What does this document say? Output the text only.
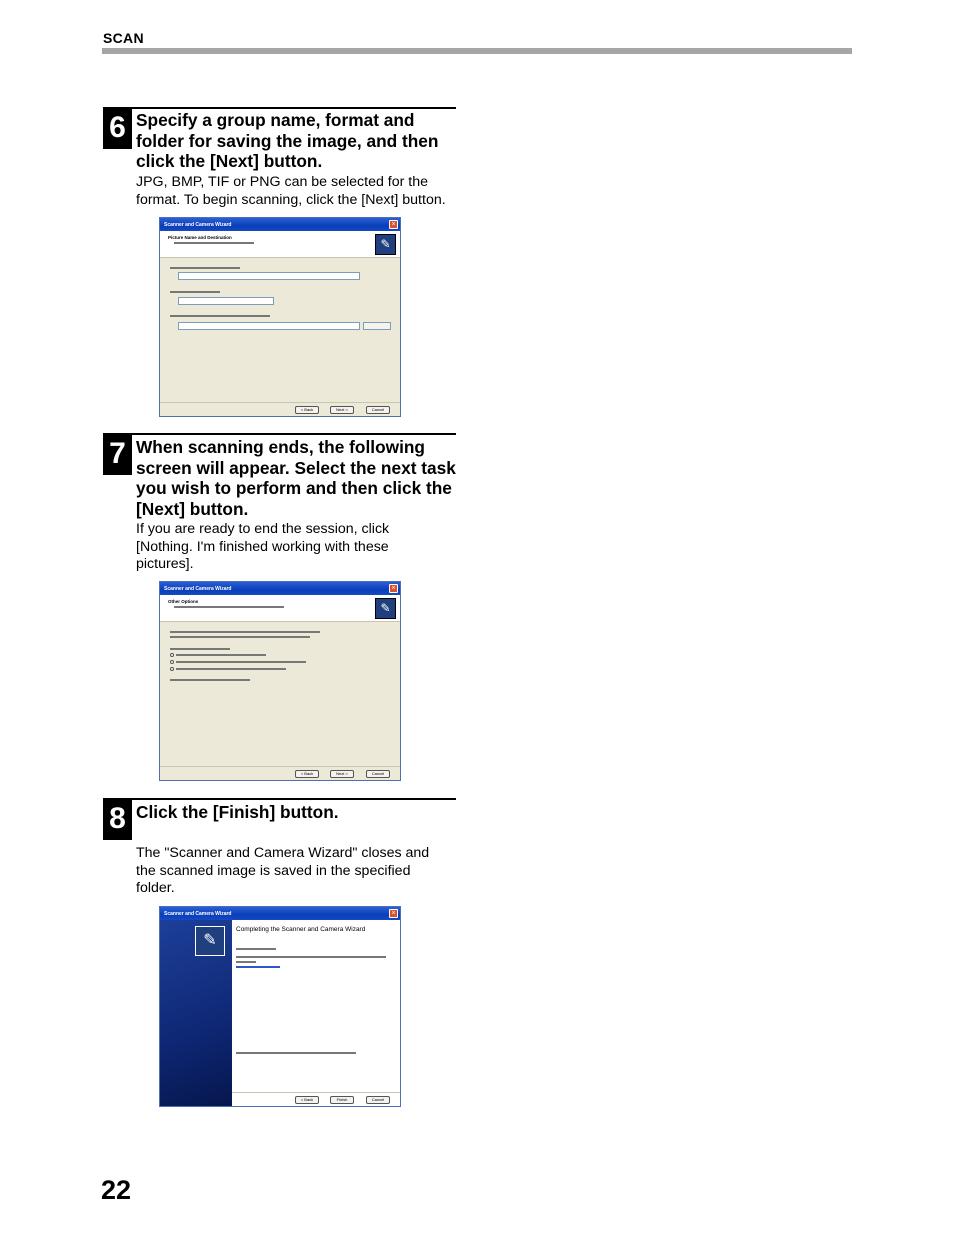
SCAN
6 Specify a group name, format and folder for saving the image, and then click the [Next] button.
JPG, BMP, TIF or PNG can be selected for the format. To begin scanning, click the [Next] button.
Scanner and Camera Wizard	×
Picture Name and Destination	✎
< Back	Next >	Cancel
7 When scanning ends, the following screen will appear. Select the next task you wish to perform and then click the [Next] button.
If you are ready to end the session, click [Nothing. I'm finished working with these pictures].
Scanner and Camera Wizard	×
Other Options	✎
< Back	Next >	Cancel
8 Click the [Finish] button.
The "Scanner and Camera Wizard" closes and the scanned image is saved in the specified folder.
Scanner and Camera Wizard	×
✎
Completing the Scanner and Camera Wizard
< Back	Finish	Cancel
22
